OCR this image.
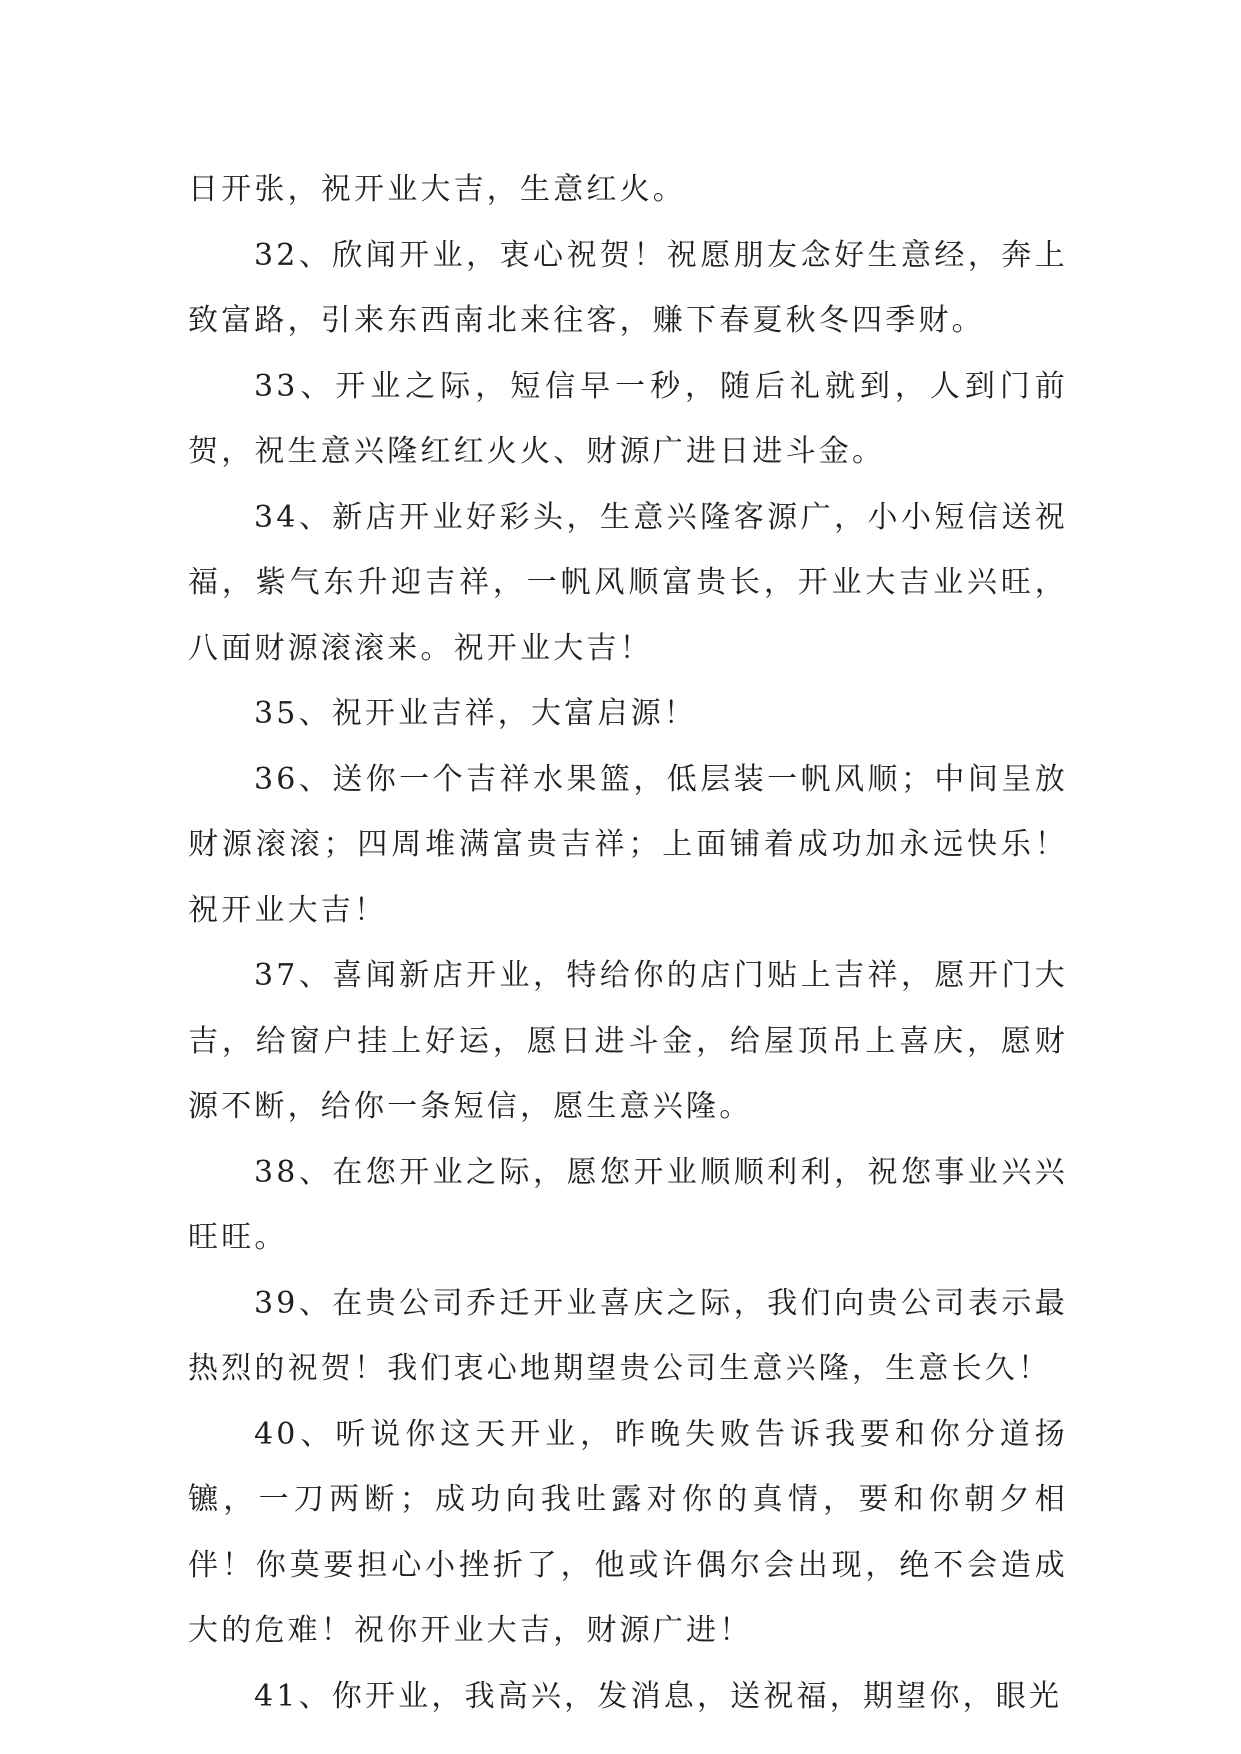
日开张，祝开业大吉，生意红火。

32、欣闻开业，衷心祝贺！祝愿朋友念好生意经，奔上致富路，引来东西南北来往客，赚下春夏秋冬四季财。

33、开业之际，短信早一秒，随后礼就到，人到门前贺，祝生意兴隆红红火火、财源广进日进斗金。

34、新店开业好彩头，生意兴隆客源广，小小短信送祝福，紫气东升迎吉祥，一帆风顺富贵长，开业大吉业兴旺，八面财源滚滚来。祝开业大吉！

35、祝开业吉祥，大富启源！

36、送你一个吉祥水果篮，低层装一帆风顺；中间呈放财源滚滚；四周堆满富贵吉祥；上面铺着成功加永远快乐！祝开业大吉！

37、喜闻新店开业，特给你的店门贴上吉祥，愿开门大吉，给窗户挂上好运，愿日进斗金，给屋顶吊上喜庆，愿财源不断，给你一条短信，愿生意兴隆。

38、在您开业之际，愿您开业顺顺利利，祝您事业兴兴旺旺。

39、在贵公司乔迁开业喜庆之际，我们向贵公司表示最热烈的祝贺！我们衷心地期望贵公司生意兴隆，生意长久！

40、听说你这天开业，昨晚失败告诉我要和你分道扬镳，一刀两断；成功向我吐露对你的真情，要和你朝夕相伴！你莫要担心小挫折了，他或许偶尔会出现，绝不会造成大的危难！祝你开业大吉，财源广进！

41、你开业，我高兴，发消息，送祝福，期望你，眼光
